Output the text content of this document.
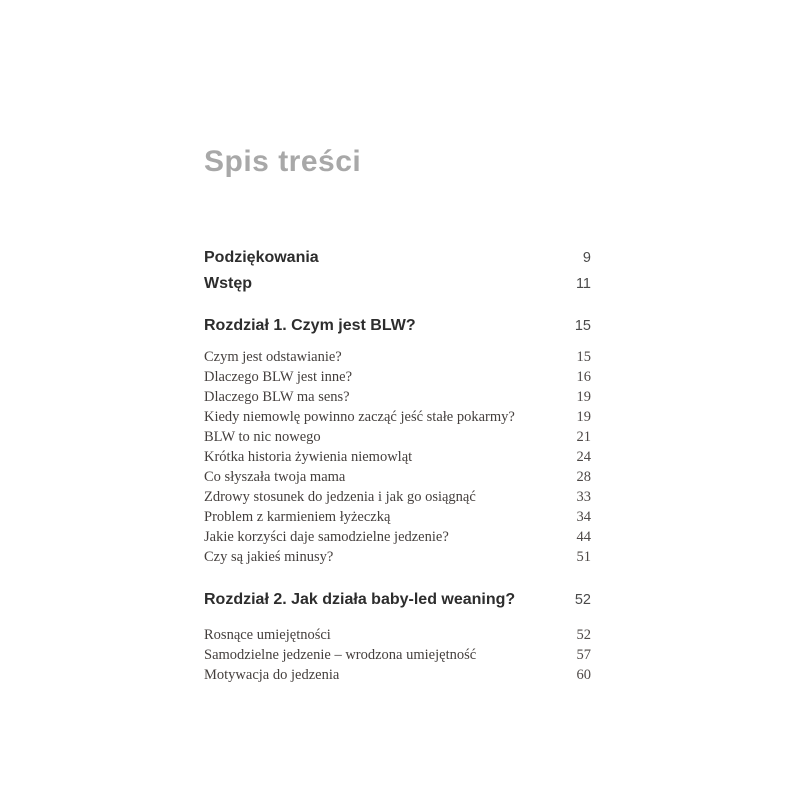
Spis treści
Podziękowania	9
Wstęp	11
Rozdział 1. Czym jest BLW?	15
Czym jest odstawianie?	15
Dlaczego BLW jest inne?	16
Dlaczego BLW ma sens?	19
Kiedy niemowlę powinno zacząć jeść stałe pokarmy?	19
BLW to nic nowego	21
Krótka historia żywienia niemowląt	24
Co słyszała twoja mama	28
Zdrowy stosunek do jedzenia i jak go osiągnąć	33
Problem z karmieniem łyżeczką	34
Jakie korzyści daje samodzielne jedzenie?	44
Czy są jakieś minusy?	51
Rozdział 2. Jak działa baby-led weaning?	52
Rosnące umiejętności	52
Samodzielne jedzenie – wrodzona umiejętność	57
Motywacja do jedzenia	60
